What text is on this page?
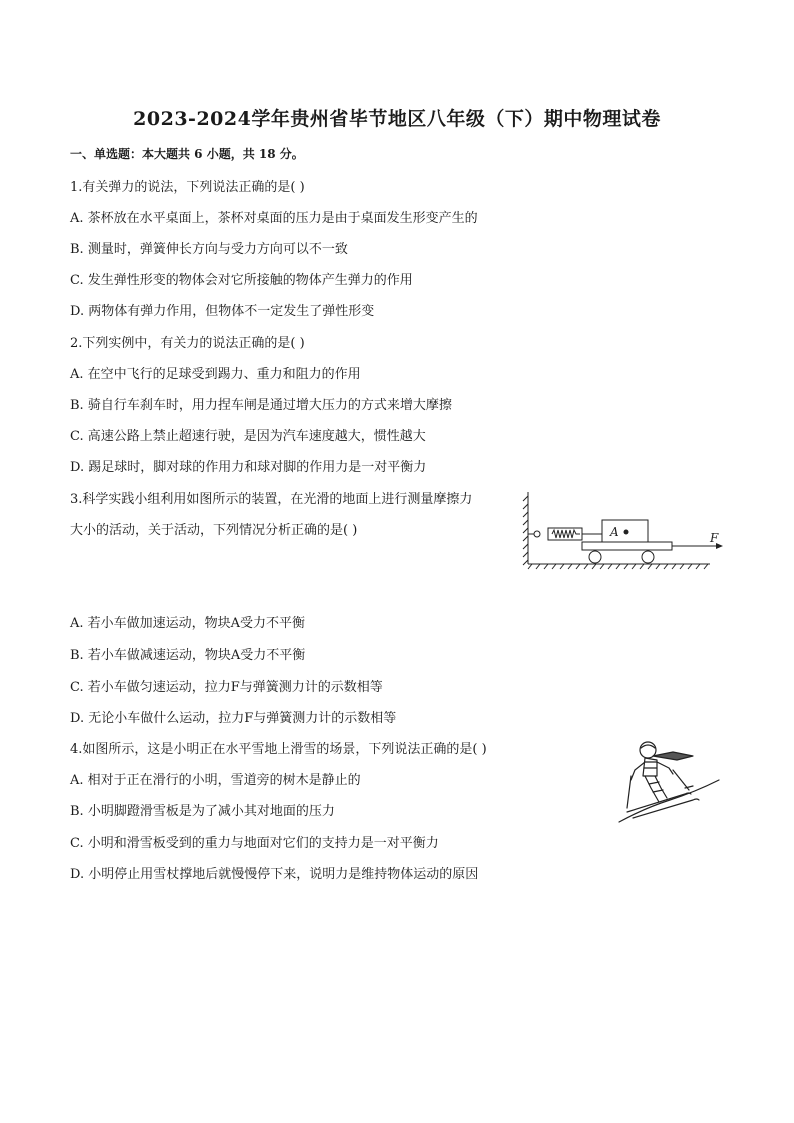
2023-2024学年贵州省毕节地区八年级（下）期中物理试卷
一、单选题：本大题共 6 小题，共 18 分。
1.有关弹力的说法，下列说法正确的是( )
A. 茶杯放在水平桌面上，茶杯对桌面的压力是由于桌面发生形变产生的
B. 测量时，弹簧伸长方向与受力方向可以不一致
C. 发生弹性形变的物体会对它所接触的物体产生弹力的作用
D. 两物体有弹力作用，但物体不一定发生了弹性形变
2.下列实例中，有关力的说法正确的是( )
A. 在空中飞行的足球受到踢力、重力和阻力的作用
B. 骑自行车刹车时，用力捏车闸是通过增大压力的方式来增大摩擦
C. 高速公路上禁止超速行驶，是因为汽车速度越大，惯性越大
D. 踢足球时，脚对球的作用力和球对脚的作用力是一对平衡力
3.科学实践小组利用如图所示的装置，在光滑的地面上进行测量摩擦力
大小的活动，关于活动，下列情况分析正确的是( )	A	F
A. 若小车做加速运动，物块A受力不平衡
B. 若小车做减速运动，物块A受力不平衡
C. 若小车做匀速运动，拉力F与弹簧测力计的示数相等
D. 无论小车做什么运动，拉力F与弹簧测力计的示数相等
4.如图所示，这是小明正在水平雪地上滑雪的场景，下列说法正确的是( )
A. 相对于正在滑行的小明，雪道旁的树木是静止的
B. 小明脚蹬滑雪板是为了减小其对地面的压力
C. 小明和滑雪板受到的重力与地面对它们的支持力是一对平衡力
D. 小明停止用雪杖撑地后就慢慢停下来，说明力是维持物体运动的原因
